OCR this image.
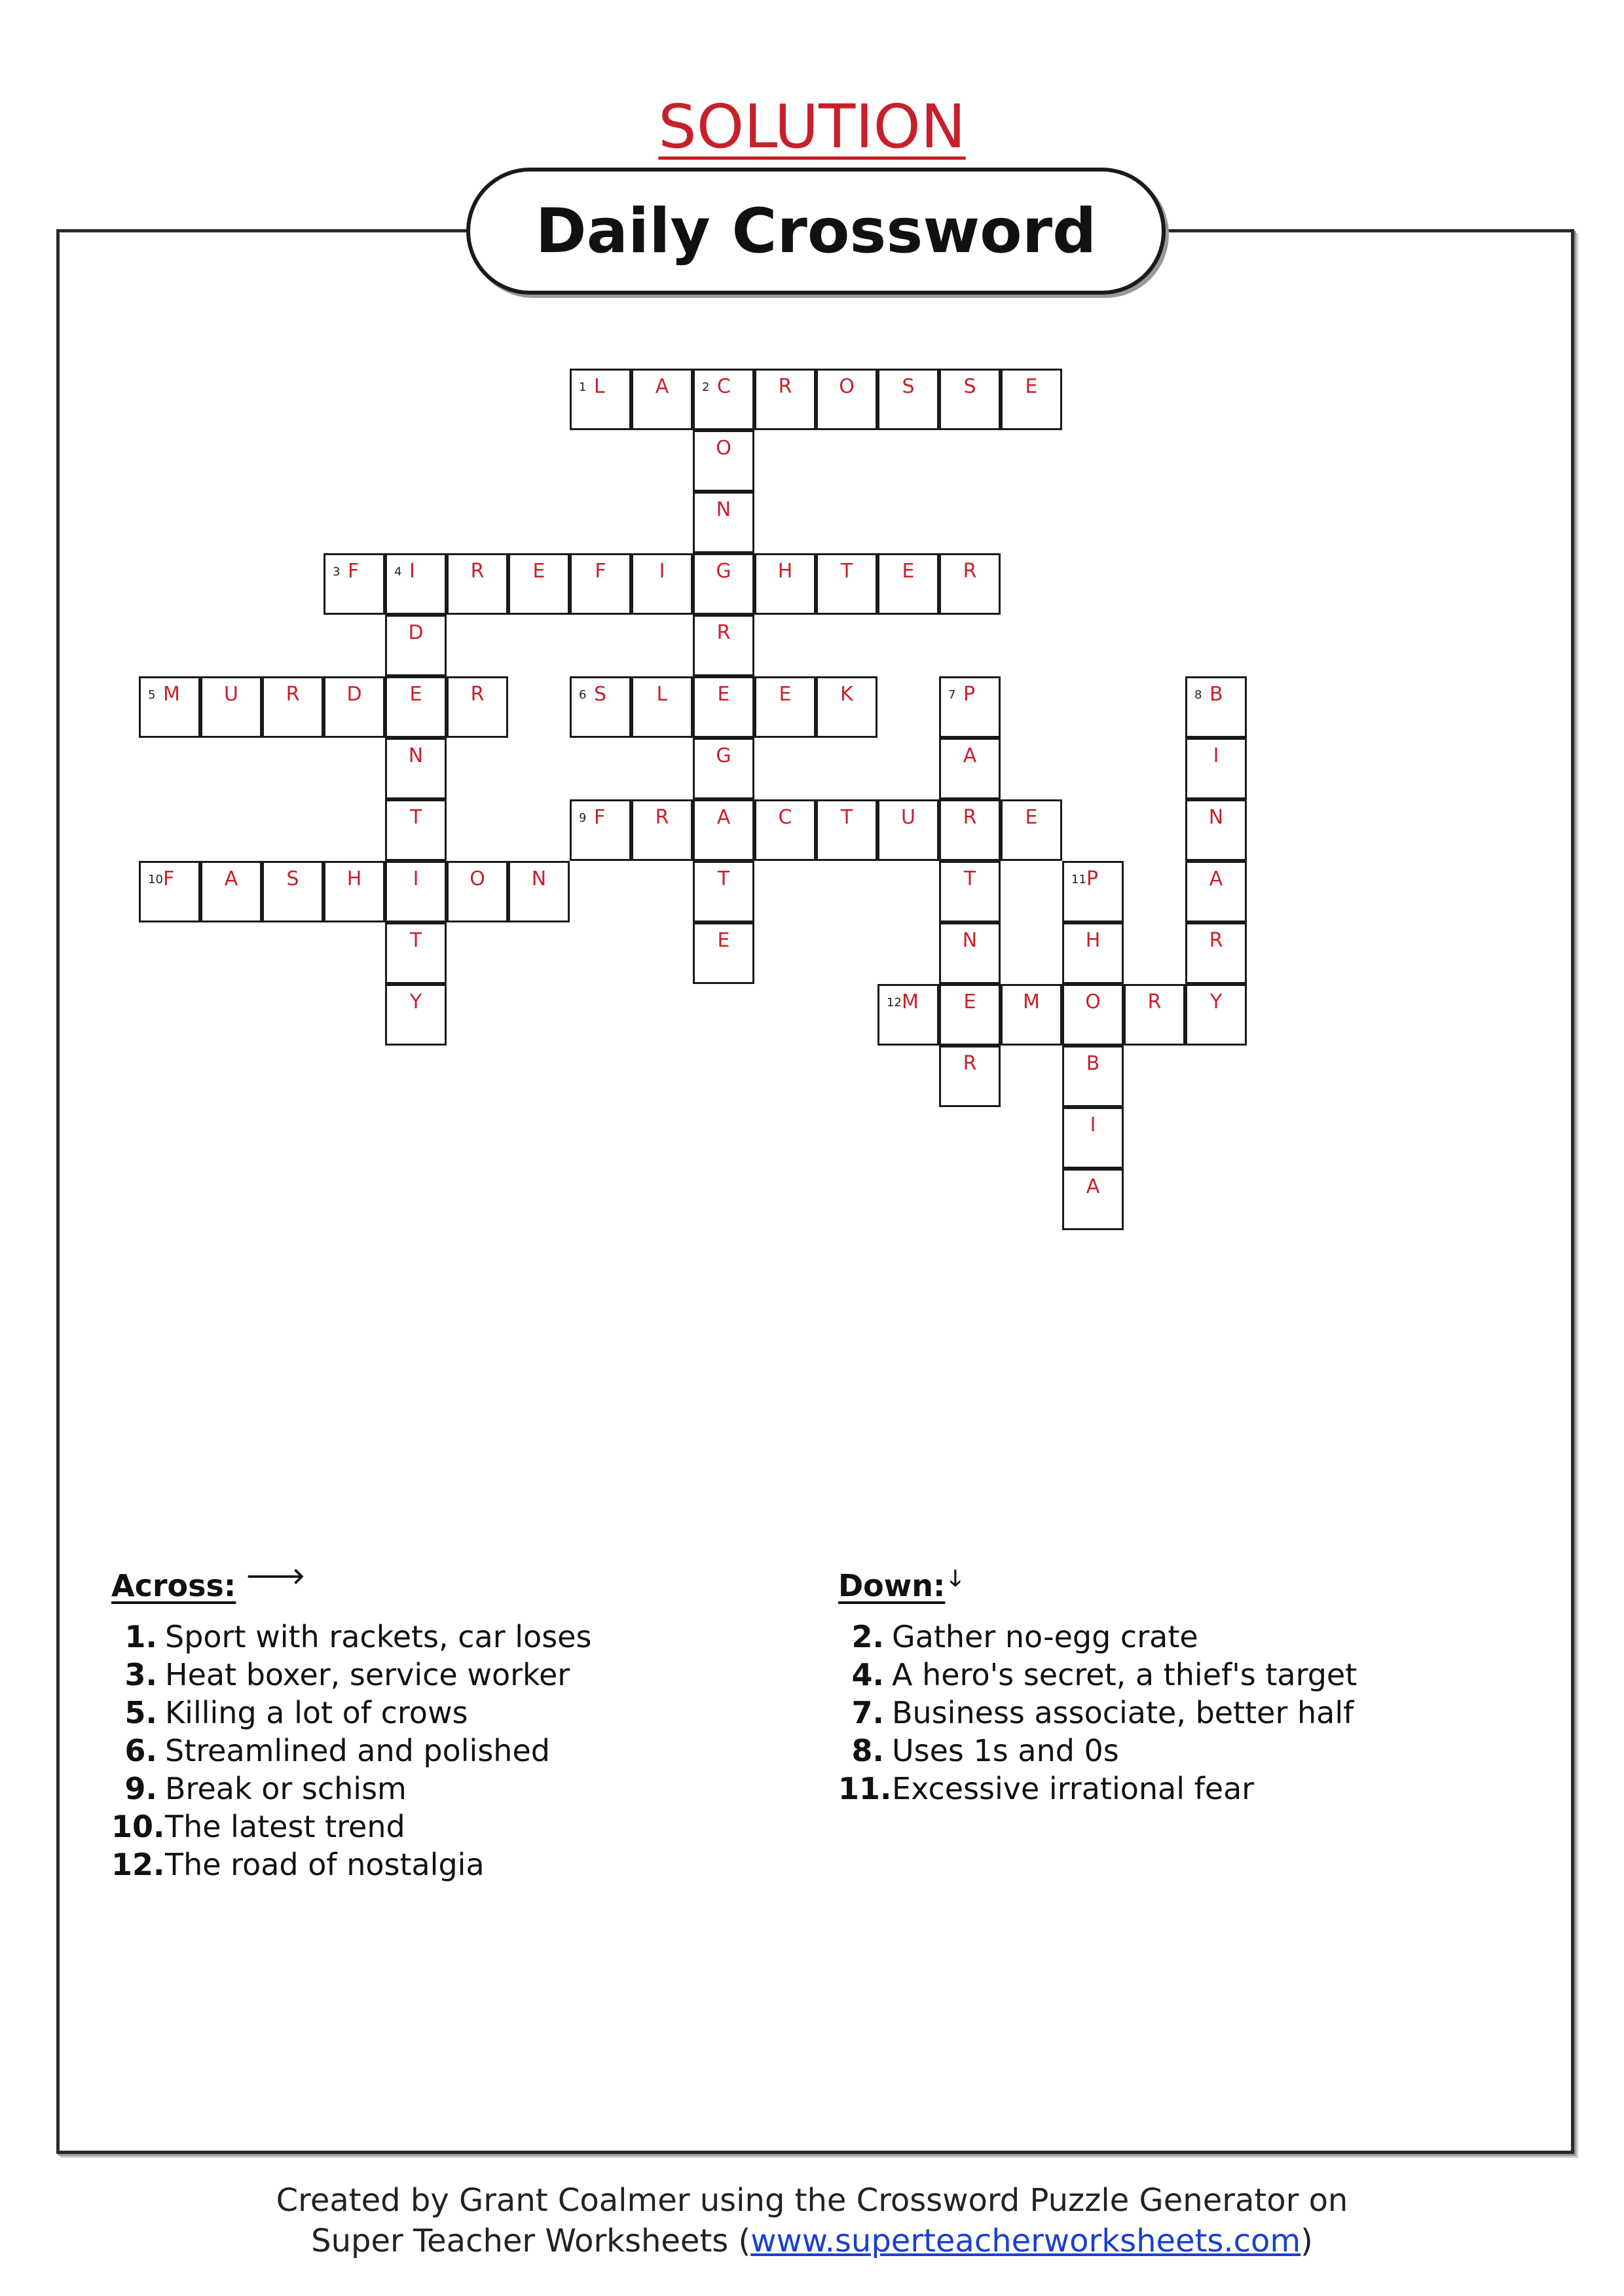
SOLUTION
Daily Crossword
1 L	A	2 C	R	O	S	S	E
O
N
G
R
E
G
A
T
E
3 F	4 I	R	E	F	I	H	T	E	R
D
E
N
T
I
T
Y
5 M	U	R	D	R	6 S	L	E	K	7 P
A
R
T
N
E
R
8 B
I
N
A
R
Y
9 F	R	C	T	U	E
10 F	A	S	H	O	N	11 P
H
O
B
I
A
12 M	M	R
Across: 🡒
1. Sport with rackets, car loses
3. Heat boxer, service worker
5. Killing a lot of crows
6. Streamlined and polished
9. Break or schism
10. The latest trend
12. The road of nostalgia
Down: 🡓
2. Gather no-egg crate
4. A hero's secret, a thief's target
7. Business associate, better half
8. Uses 1s and 0s
11. Excessive irrational fear
Created by Grant Coalmer using the Crossword Puzzle Generator on
Super Teacher Worksheets (www.superteacherworksheets.com)
